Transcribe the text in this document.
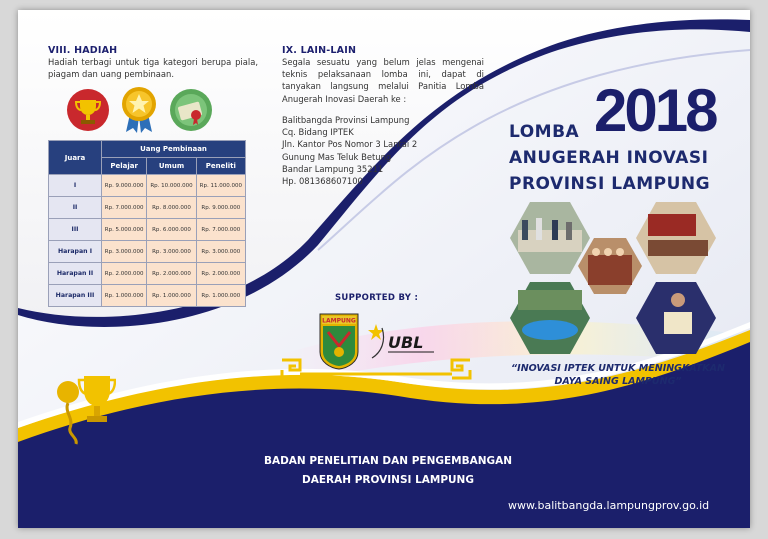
VIII. HADIAH
Hadiah terbagi untuk tiga kategori berupa piala, piagam dan uang pembinaan.
Juara	Uang Pembinaan		
	Pelajar	Umum	Peneliti
I	Rp. 9.000.000	Rp. 10.000.000	Rp. 11.000.000
II	Rp. 7.000.000	Rp. 8.000.000	Rp. 9.000.000
III	Rp. 5.000.000	Rp. 6.000.000	Rp. 7.000.000
Harapan I	Rp. 3.000.000	Rp. 3.000.000	Rp. 3.000.000
Harapan II	Rp. 2.000.000	Rp. 2.000.000	Rp. 2.000.000
Harapan III	Rp. 1.000.000	Rp. 1.000.000	Rp. 1.000.000
IX. LAIN-LAIN
Segala sesuatu yang belum jelas mengenai teknis pelaksanaan lomba ini, dapat di tanyakan langsung melalui Panitia Lomba Anugerah Inovasi Daerah ke :
Balitbangda Provinsi Lampung
Cq. Bidang IPTEK
Jln. Kantor Pos Nomor 3 Lantai 2
Gunung Mas Teluk Betung
Bandar Lampung 35211
Hp. 081368607100
2018
LOMBA
ANUGERAH INOVASI
PROVINSI LAMPUNG
SUPPORTED BY :
LAMPUNG
UBL
“INOVASI IPTEK UNTUK MENINGKATKAN
DAYA SAING LAMPUNG”
BADAN PENELITIAN DAN PENGEMBANGAN
DAERAH PROVINSI LAMPUNG
www.balitbangda.lampungprov.go.id
